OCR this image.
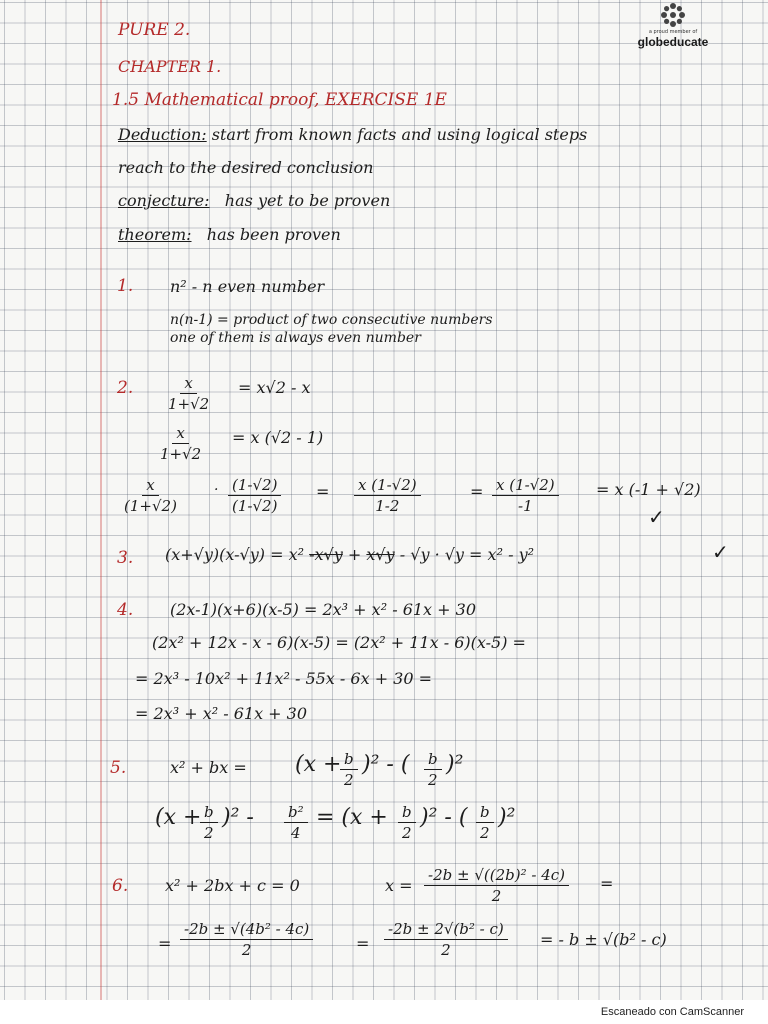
a proud member of
globeducate
PURE 2.
CHAPTER 1.
1.5 Mathematical proof, EXERCISE 1E
Deduction: start from known facts and using logical steps
reach to the desired conclusion
conjecture: has yet to be proven
theorem: has been proven
1. n² - n even number
n(n-1) = product of two consecutive numbers
one of them is always even number
2. $\frac{x}{1+√2} = x√2 - x$
$\frac{x}{1+√2} = x$ (√2 - 1)
$\frac{x}{(1+√2)}$	· $\frac{(1-√2)}{(1-√2)} = \frac{x (1-√2)}{1-2}$	= $\frac{x (1-√2)}{-1} = x$ (-1 + √2)
✓
3. (x+√y)(x-√y) = x² -x√y + x√y - √y · √y = x² - y²	✓
4. (2x-1)(x+6)(x-5) = 2x³ + x² - 61x + 30
(2x² + 12x - x - 6)(x-5) = (2x² + 11x - 6)(x-5) =
= 2x³ - 10x² + 11x² - 55x - 6x + 30 =
= 2x³ + x² - 61x + 30
5.	x² + bx = (x +
$\frac{b}{2} )^2$ - ( $\frac{b}{2} )^2$
(x +
$\frac{b}{2} )^2 - \frac{\text{b²}}{4} = (x + \frac{b}{2} )^2$ - ( $\frac{b}{2} )^2$
6. x² + 2bx + c = 0	$x = \frac{\text{-2b ± √((2b)² - 4c)}}{2}$ =
= $\frac{\text{-2b ± √(4b² - 4c)}}{2}$	= $\frac{\text{-2b ± 2√(b² - c)}}{2}$ = - b ± √(b² - c)
Escaneado con CamScanner
